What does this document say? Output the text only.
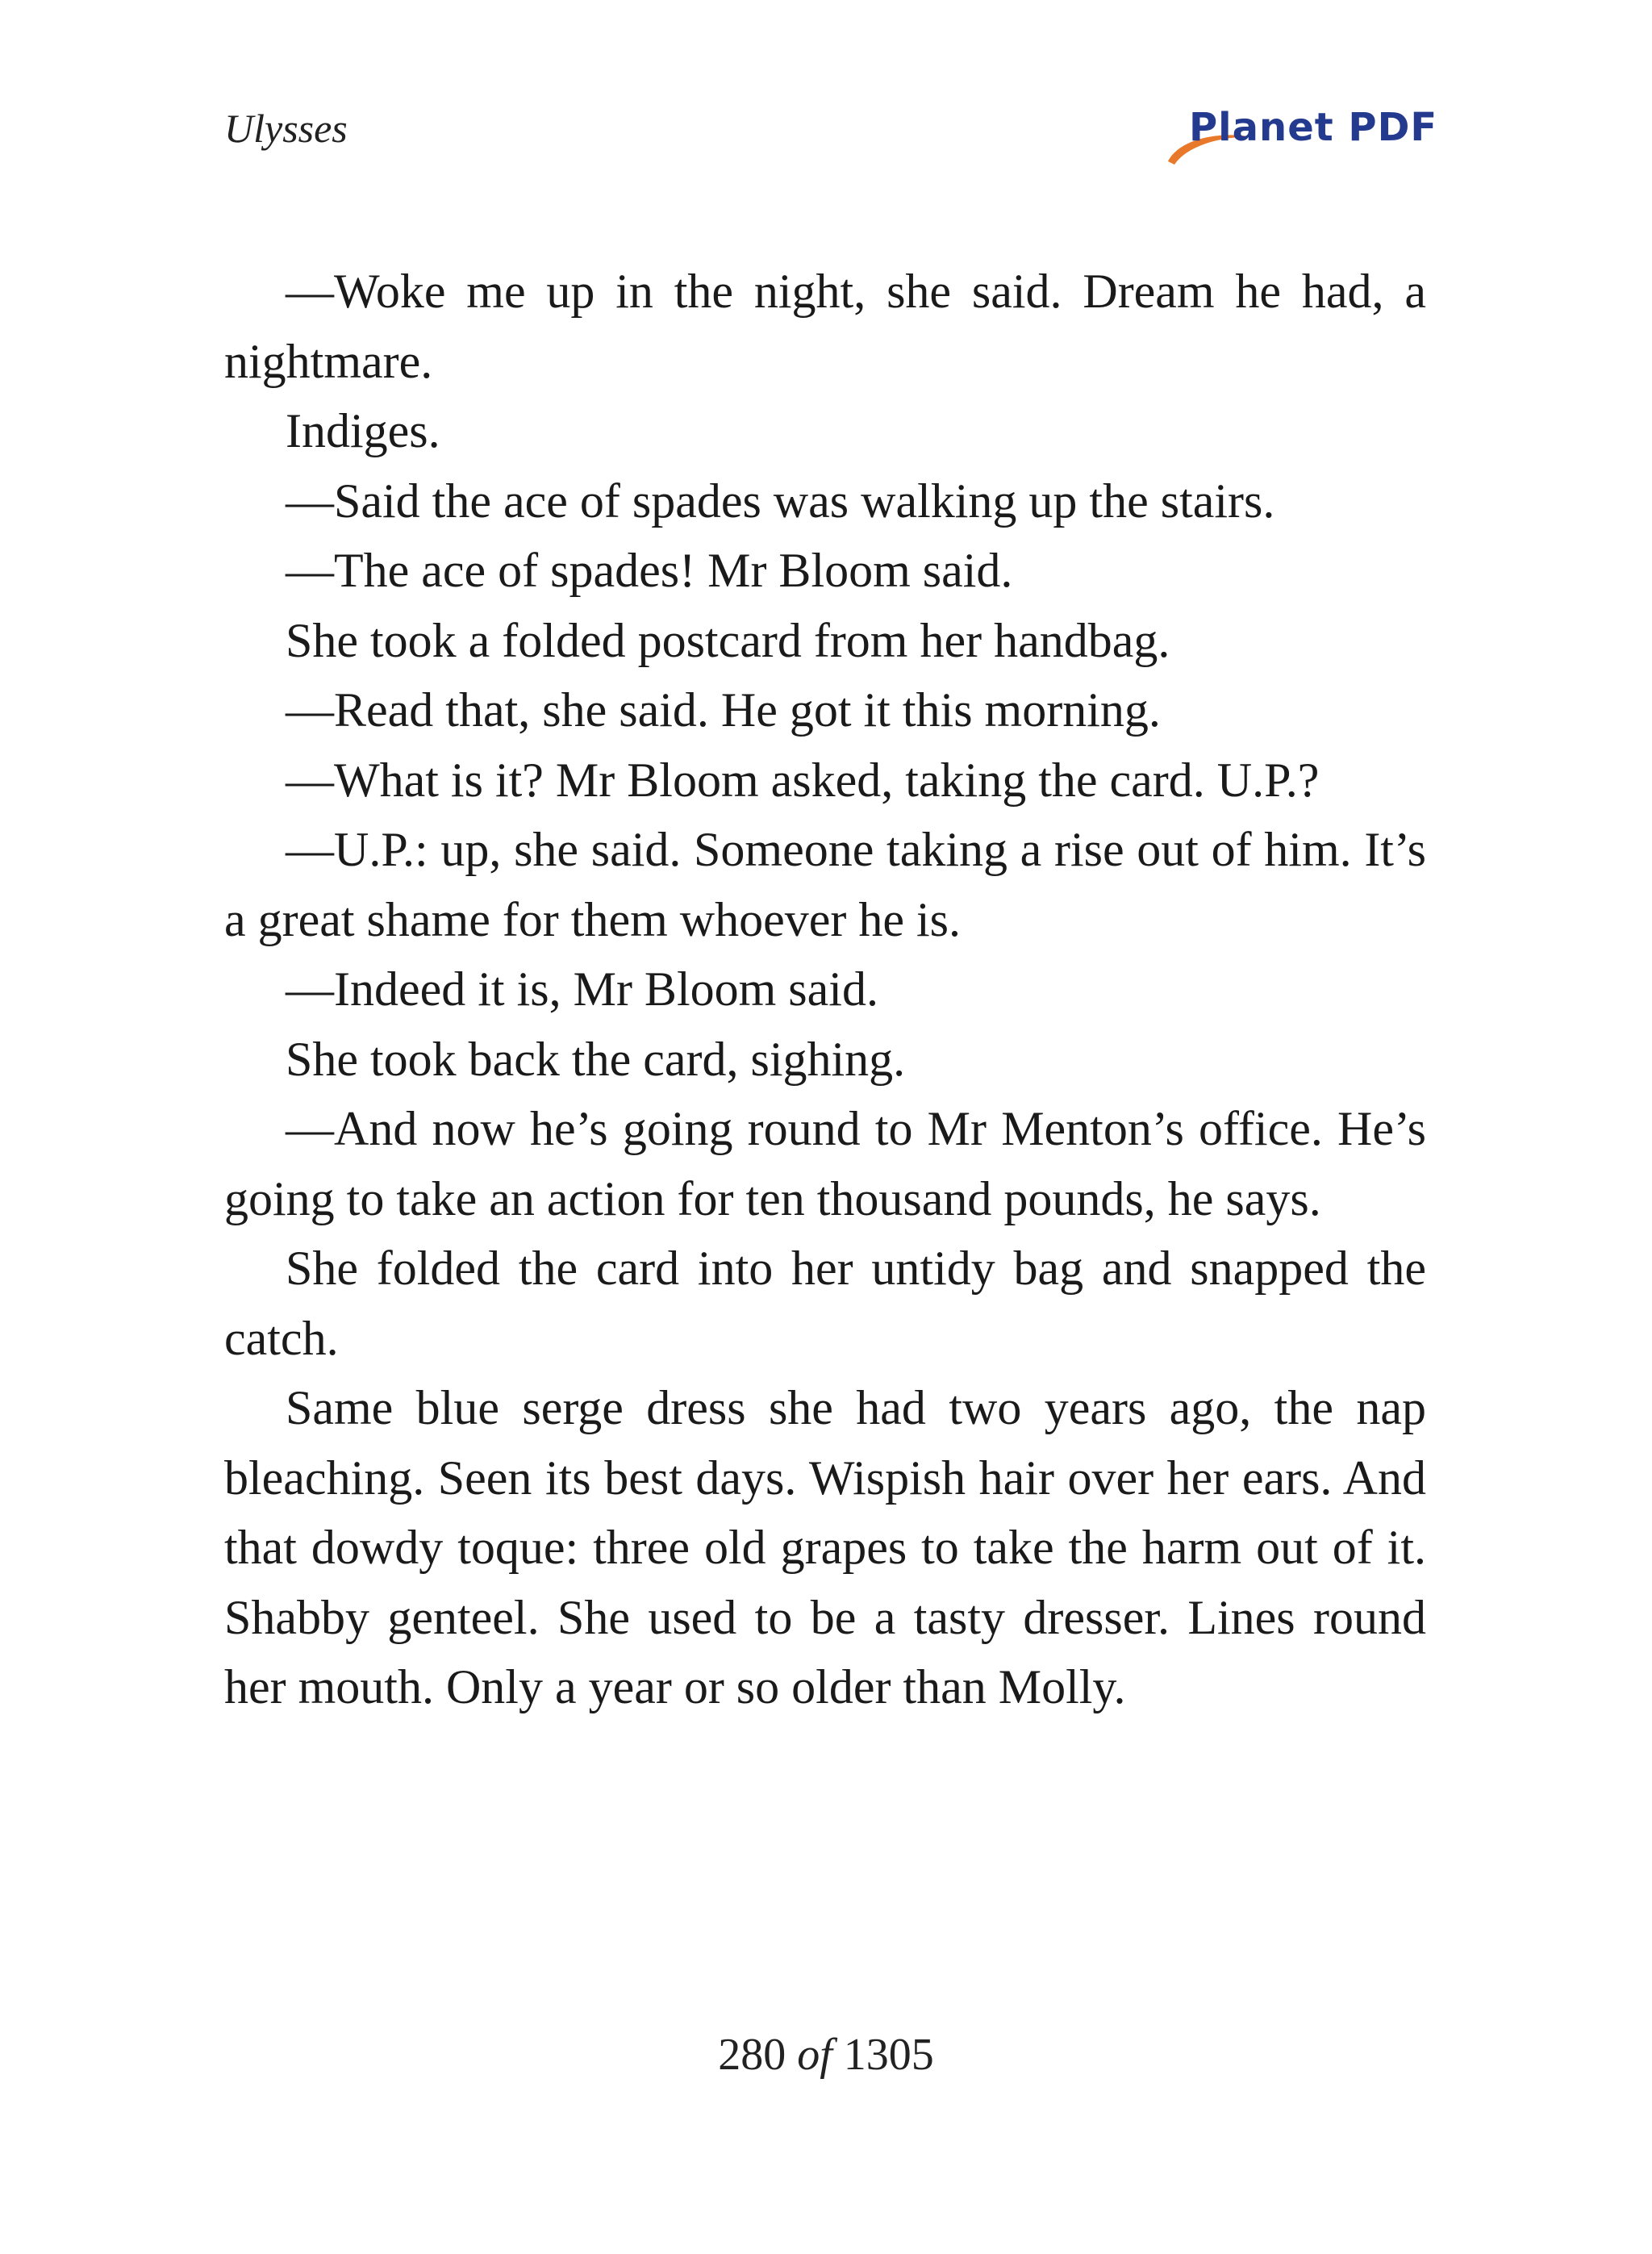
Ulysses	Planet PDF

—Woke me up in the night, she said. Dream he had, a nightmare.

Indiges.

—Said the ace of spades was walking up the stairs.

—The ace of spades! Mr Bloom said.

She took a folded postcard from her handbag.

—Read that, she said. He got it this morning.

—What is it? Mr Bloom asked, taking the card. U.P.?

—U.P.: up, she said. Someone taking a rise out of him. It’s a great shame for them whoever he is.

—Indeed it is, Mr Bloom said.

She took back the card, sighing.

—And now he’s going round to Mr Menton’s office. He’s going to take an action for ten thousand pounds, he says.

She folded the card into her untidy bag and snapped the catch.

Same blue serge dress she had two years ago, the nap bleaching. Seen its best days. Wispish hair over her ears. And that dowdy toque: three old grapes to take the harm out of it. Shabby genteel. She used to be a tasty dresser. Lines round her mouth. Only a year or so older than Molly.

280 of 1305
